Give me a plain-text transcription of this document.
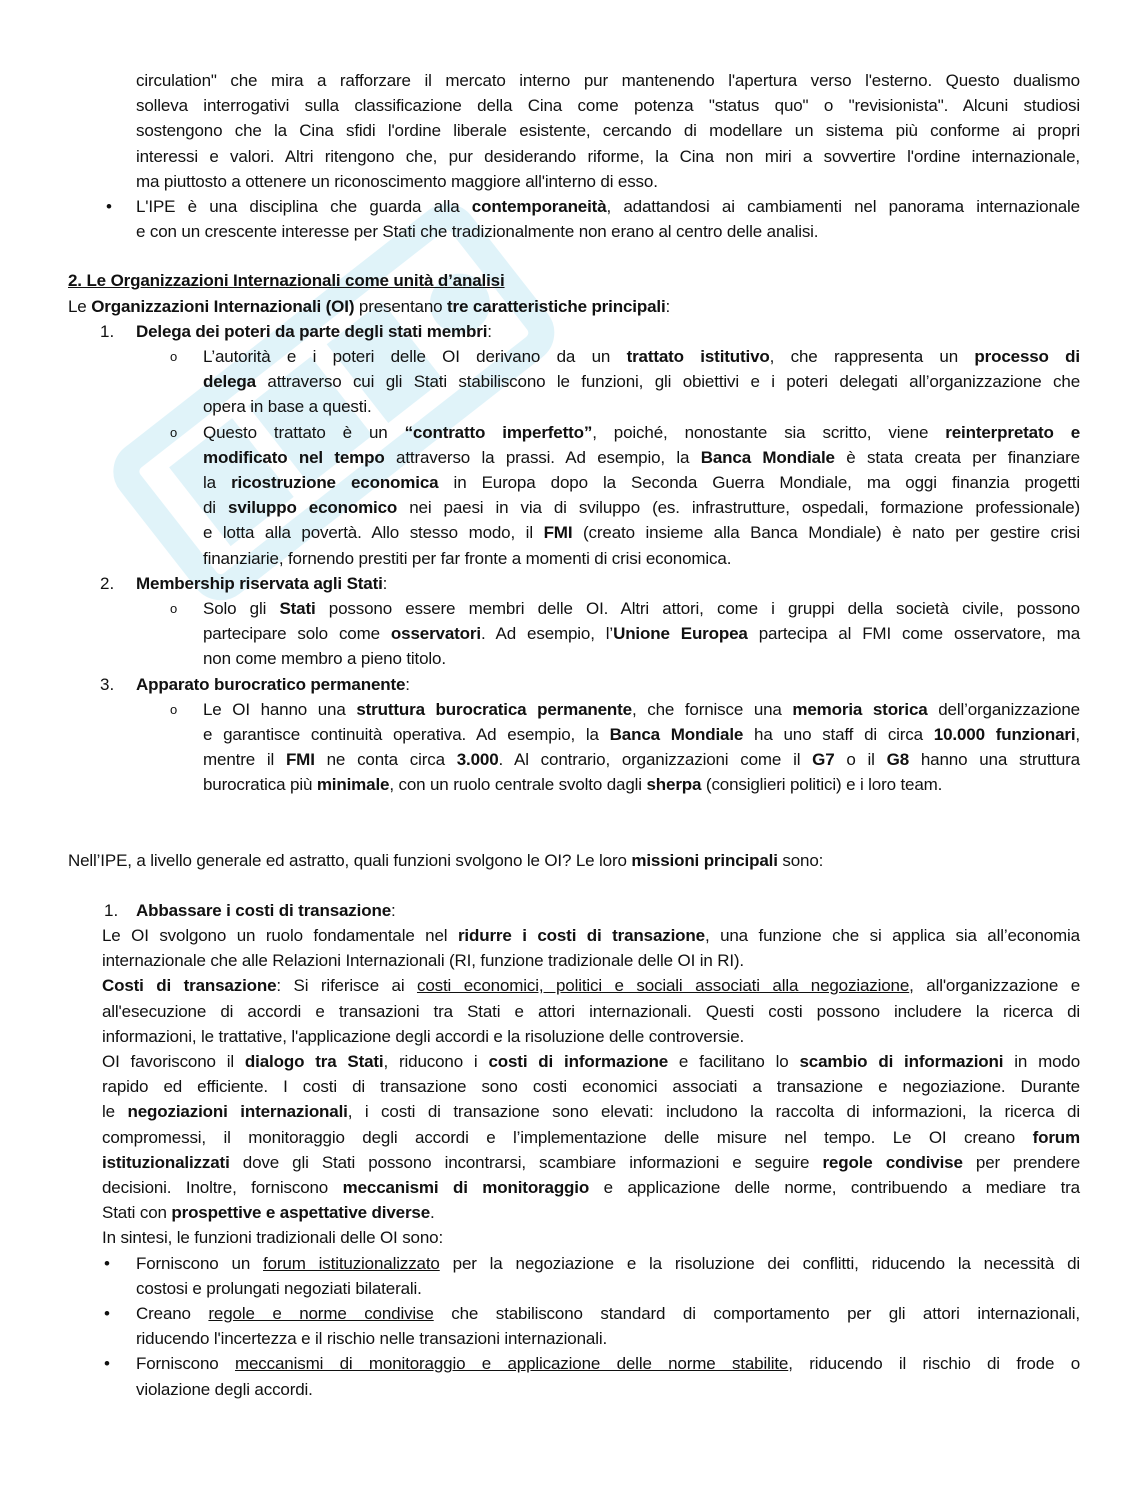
circulation" che mira a rafforzare il mercato interno pur mantenendo l'apertura verso l'esterno. Questo dualismo
solleva interrogativi sulla classificazione della Cina come potenza "status quo" o "revisionista". Alcuni studiosi
sostengono che la Cina sfidi l'ordine liberale esistente, cercando di modellare un sistema più conforme ai propri
interessi e valori. Altri ritengono che, pur desiderando riforme, la Cina non miri a sovvertire l'ordine internazionale,
ma piuttosto a ottenere un riconoscimento maggiore all'interno di esso.
• L'IPE è una disciplina che guarda alla contemporaneità, adattandosi ai cambiamenti nel panorama internazionale
e con un crescente interesse per Stati che tradizionalmente non erano al centro delle analisi.
2. Le Organizzazioni Internazionali come unità d’analisi
Le Organizzazioni Internazionali (OI) presentano tre caratteristiche principali:
1. Delega dei poteri da parte degli stati membri:
o L’autorità e i poteri delle OI derivano da un trattato istitutivo, che rappresenta un processo di
delega attraverso cui gli Stati stabiliscono le funzioni, gli obiettivi e i poteri delegati all’organizzazione che
opera in base a questi.
o Questo trattato è un “contratto imperfetto”, poiché, nonostante sia scritto, viene reinterpretato e
modificato nel tempo attraverso la prassi. Ad esempio, la Banca Mondiale è stata creata per finanziare
la ricostruzione economica in Europa dopo la Seconda Guerra Mondiale, ma oggi finanzia progetti
di sviluppo economico nei paesi in via di sviluppo (es. infrastrutture, ospedali, formazione professionale)
e lotta alla povertà. Allo stesso modo, il FMI (creato insieme alla Banca Mondiale) è nato per gestire crisi
finanziarie, fornendo prestiti per far fronte a momenti di crisi economica.
2. Membership riservata agli Stati:
o Solo gli Stati possono essere membri delle OI. Altri attori, come i gruppi della società civile, possono
partecipare solo come osservatori. Ad esempio, l’Unione Europea partecipa al FMI come osservatore, ma
non come membro a pieno titolo.
3. Apparato burocratico permanente:
o Le OI hanno una struttura burocratica permanente, che fornisce una memoria storica dell’organizzazione
e garantisce continuità operativa. Ad esempio, la Banca Mondiale ha uno staff di circa 10.000 funzionari,
mentre il FMI ne conta circa 3.000. Al contrario, organizzazioni come il G7 o il G8 hanno una struttura
burocratica più minimale, con un ruolo centrale svolto dagli sherpa (consiglieri politici) e i loro team.
Nell’IPE, a livello generale ed astratto, quali funzioni svolgono le OI? Le loro missioni principali sono:
1. Abbassare i costi di transazione:
Le OI svolgono un ruolo fondamentale nel ridurre i costi di transazione, una funzione che si applica sia all’economia
internazionale che alle Relazioni Internazionali (RI, funzione tradizionale delle OI in RI).
Costi di transazione: Si riferisce ai costi economici, politici e sociali associati alla negoziazione, all'organizzazione e
all'esecuzione di accordi e transazioni tra Stati e attori internazionali. Questi costi possono includere la ricerca di
informazioni, le trattative, l'applicazione degli accordi e la risoluzione delle controversie.
OI favoriscono il dialogo tra Stati, riducono i costi di informazione e facilitano lo scambio di informazioni in modo
rapido ed efficiente. I costi di transazione sono costi economici associati a transazione e negoziazione. Durante
le negoziazioni internazionali, i costi di transazione sono elevati: includono la raccolta di informazioni, la ricerca di
compromessi, il monitoraggio degli accordi e l’implementazione delle misure nel tempo. Le OI creano forum
istituzionalizzati dove gli Stati possono incontrarsi, scambiare informazioni e seguire regole condivise per prendere
decisioni. Inoltre, forniscono meccanismi di monitoraggio e applicazione delle norme, contribuendo a mediare tra
Stati con prospettive e aspettative diverse.
In sintesi, le funzioni tradizionali delle OI sono:
• Forniscono un forum istituzionalizzato per la negoziazione e la risoluzione dei conflitti, riducendo la necessità di
costosi e prolungati negoziati bilaterali.
• Creano regole e norme condivise che stabiliscono standard di comportamento per gli attori internazionali,
riducendo l'incertezza e il rischio nelle transazioni internazionali.
• Forniscono meccanismi di monitoraggio e applicazione delle norme stabilite, riducendo il rischio di frode o
violazione degli accordi.
